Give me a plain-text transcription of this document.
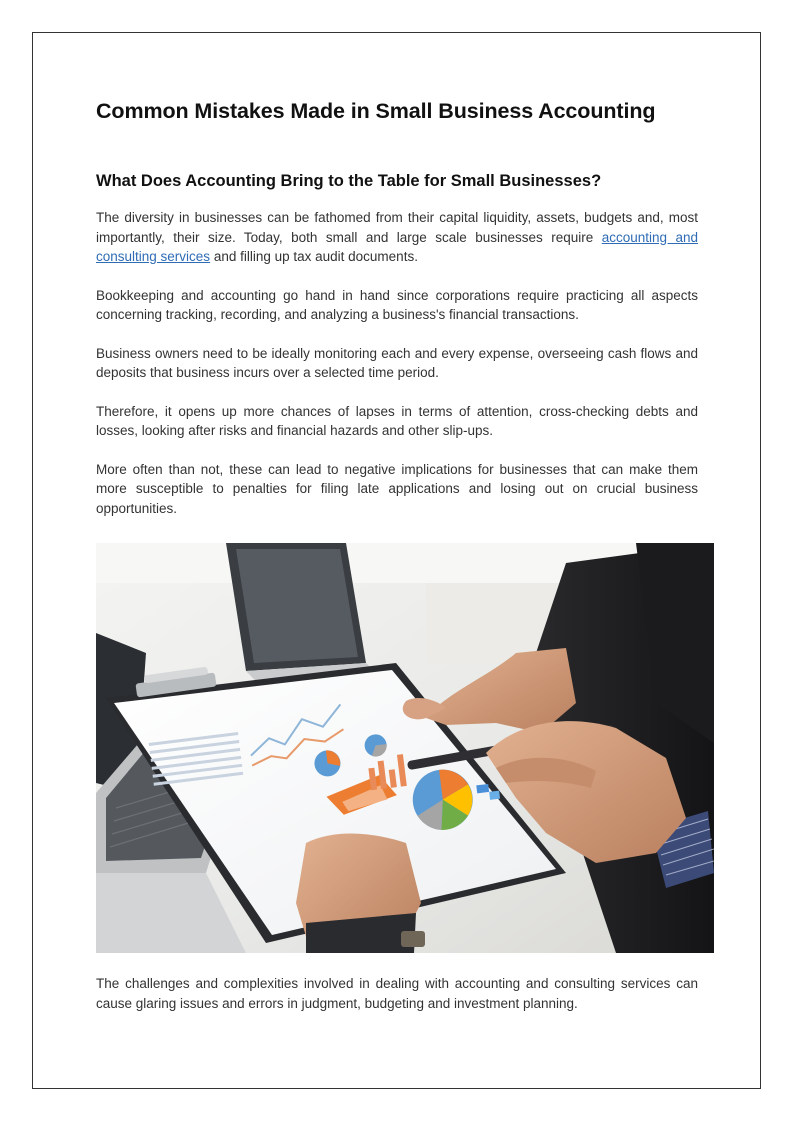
Common Mistakes Made in Small Business Accounting
What Does Accounting Bring to the Table for Small Businesses?

The diversity in businesses can be fathomed from their capital liquidity, assets, budgets and, most importantly, their size. Today, both small and large scale businesses require accounting and consulting services and filling up tax audit documents.

Bookkeeping and accounting go hand in hand since corporations require practicing all aspects concerning tracking, recording, and analyzing a business's financial transactions.

Business owners need to be ideally monitoring each and every expense, overseeing cash flows and deposits that business incurs over a selected time period.

Therefore, it opens up more chances of lapses in terms of attention, cross-checking debts and losses, looking after risks and financial hazards and other slip-ups.

More often than not, these can lead to negative implications for businesses that can make them more susceptible to penalties for filing late applications and losing out on crucial business opportunities.

The challenges and complexities involved in dealing with accounting and consulting services can cause glaring issues and errors in judgment, budgeting and investment planning.
